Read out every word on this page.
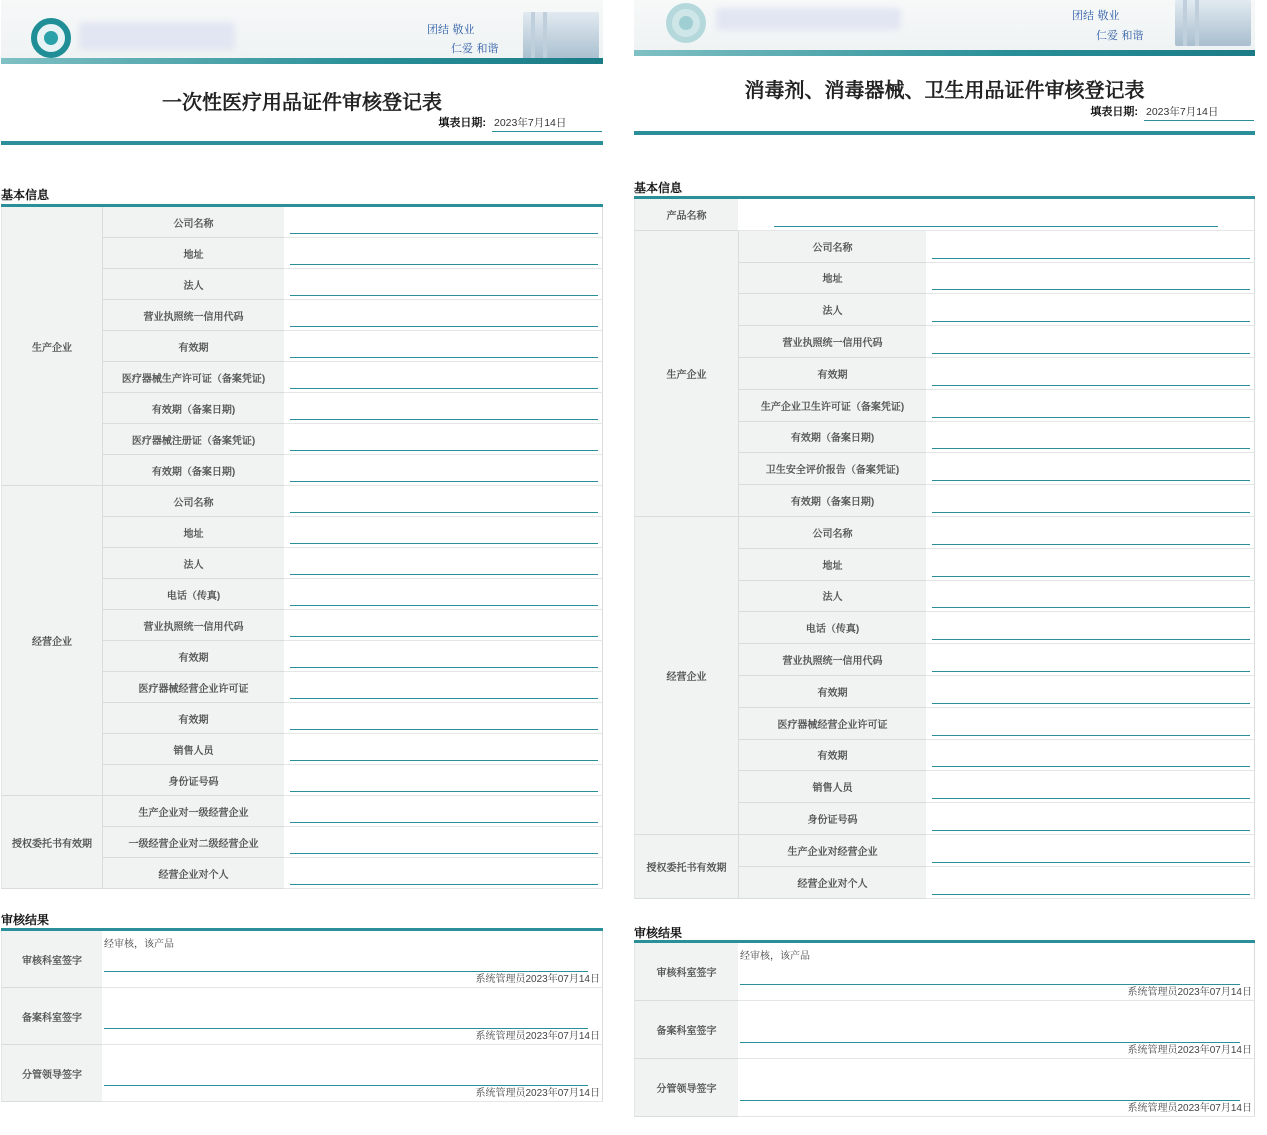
团结 敬业
仁爱 和谐
一次性医疗用品证件审核登记表
填表日期: 2023年7月14日
基本信息
生产企业
公司名称
地址
法人
营业执照统一信用代码
有效期
医疗器械生产许可证（备案凭证)
有效期（备案日期)
医疗器械注册证（备案凭证)
有效期（备案日期)
经营企业
公司名称
地址
法人
电话（传真)
营业执照统一信用代码
有效期
医疗器械经营企业许可证
有效期
销售人员
身份证号码
授权委托书有效期
生产企业对一级经营企业
一级经营企业对二级经营企业
经营企业对个人
审核结果
审核科室签字
经审核，该产品
系统管理员2023年07月14日
备案科室签字
系统管理员2023年07月14日
分管领导签字
系统管理员2023年07月14日
团结 敬业
仁爱 和谐
消毒剂、消毒器械、卫生用品证件审核登记表
填表日期: 2023年7月14日
基本信息
产品名称
生产企业
公司名称
地址
法人
营业执照统一信用代码
有效期
生产企业卫生许可证（备案凭证)
有效期（备案日期)
卫生安全评价报告（备案凭证)
有效期（备案日期)
经营企业
公司名称
地址
法人
电话（传真)
营业执照统一信用代码
有效期
医疗器械经营企业许可证
有效期
销售人员
身份证号码
授权委托书有效期
生产企业对经营企业
经营企业对个人
审核结果
审核科室签字
经审核，该产品
系统管理员2023年07月14日
备案科室签字
系统管理员2023年07月14日
分管领导签字
系统管理员2023年07月14日
